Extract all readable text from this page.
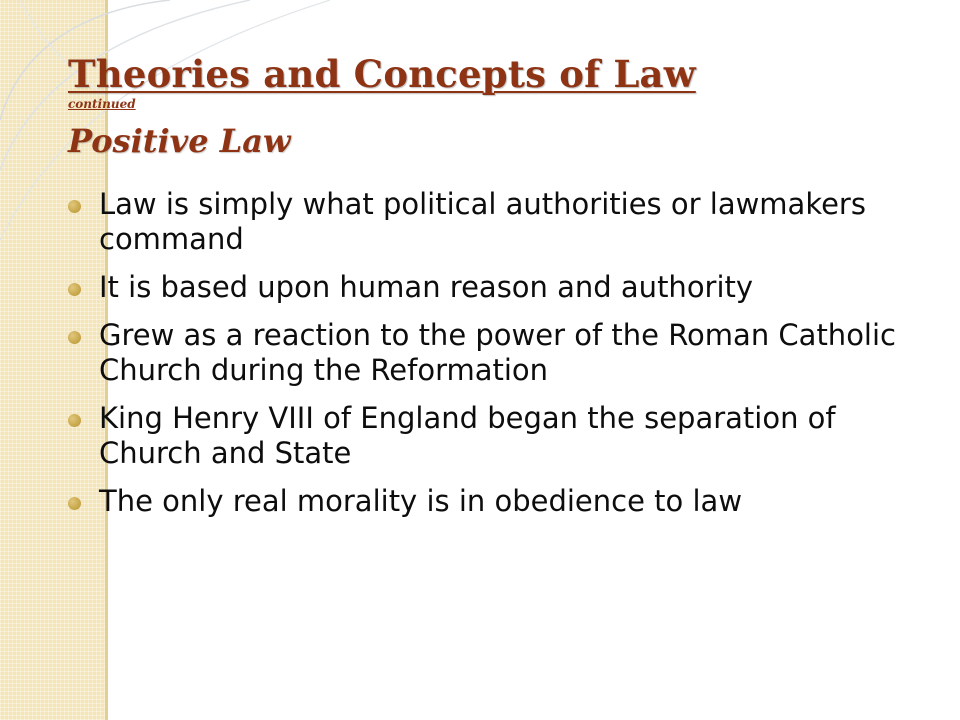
Theories and Concepts of Law
continued
Positive Law
Law is simply what political authorities or lawmakers command
It is based upon human reason and authority
Grew as a reaction to the power of the Roman Catholic Church during the Reformation
King Henry VIII of England began the separation of Church and State
The only real morality is in obedience to law
